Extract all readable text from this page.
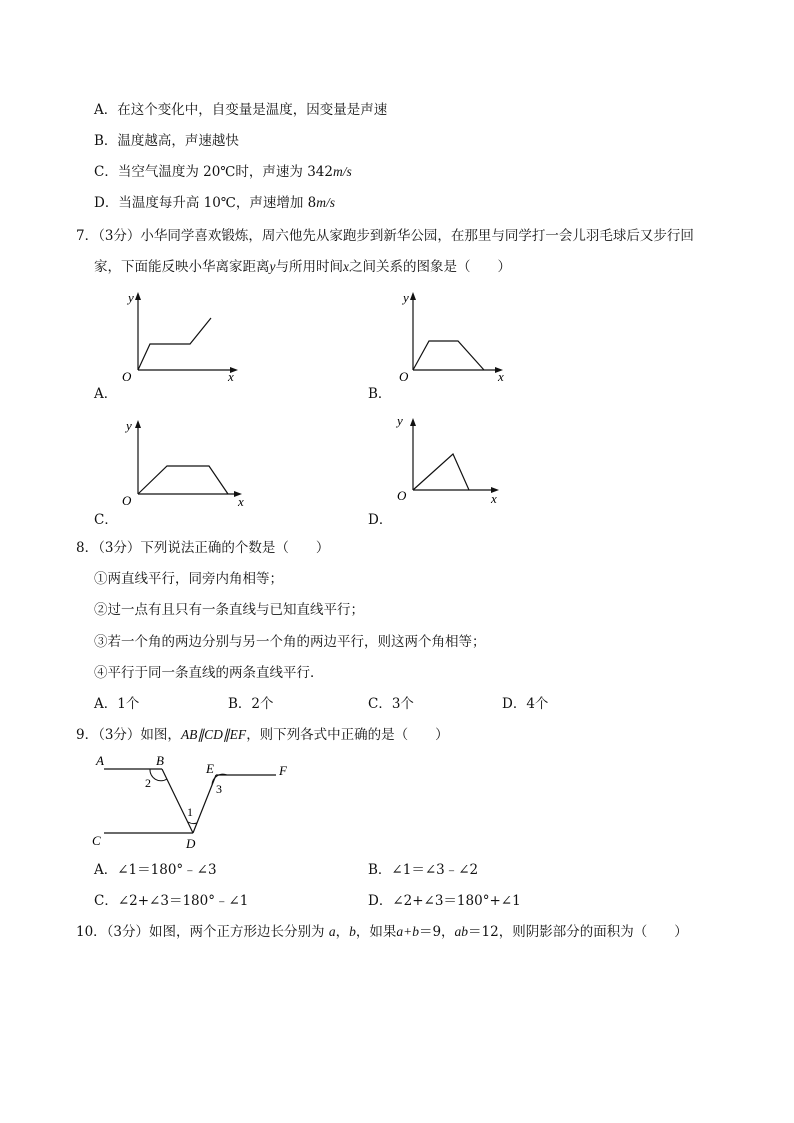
A．在这个变化中，自变量是温度，因变量是声速
B．温度越高，声速越快
C．当空气温度为 20℃时，声速为 342m/s
D．当温度每升高 10℃，声速增加 8m/s
7．（3分）小华同学喜欢锻炼，周六他先从家跑步到新华公园，在那里与同学打一会儿羽毛球后又步行回
家，下面能反映小华离家距离y与所用时间x之间关系的图象是（　　）
y
x
O
A．
y
x
O
B．
y
x
O
C．
y
x
O
D．
8．（3分）下列说法正确的个数是（　　）
①两直线平行，同旁内角相等；
②过一点有且只有一条直线与已知直线平行；
③若一个角的两边分别与另一个角的两边平行，则这两个角相等；
④平行于同一条直线的两条直线平行．
A．1个	B．2个	C．3个	D．4个
9．（3分）如图，AB∥CD∥EF，则下列各式中正确的是（　　）
A	B
C	D
E	F
2
1
3
A．∠1＝180°﹣∠3	B．∠1＝∠3﹣∠2
C．∠2+∠3＝180°﹣∠1	D．∠2+∠3＝180°+∠1
10．（3分）如图，两个正方形边长分别为 a，b，如果a+b＝9，ab＝12，则阴影部分的面积为（　　）
